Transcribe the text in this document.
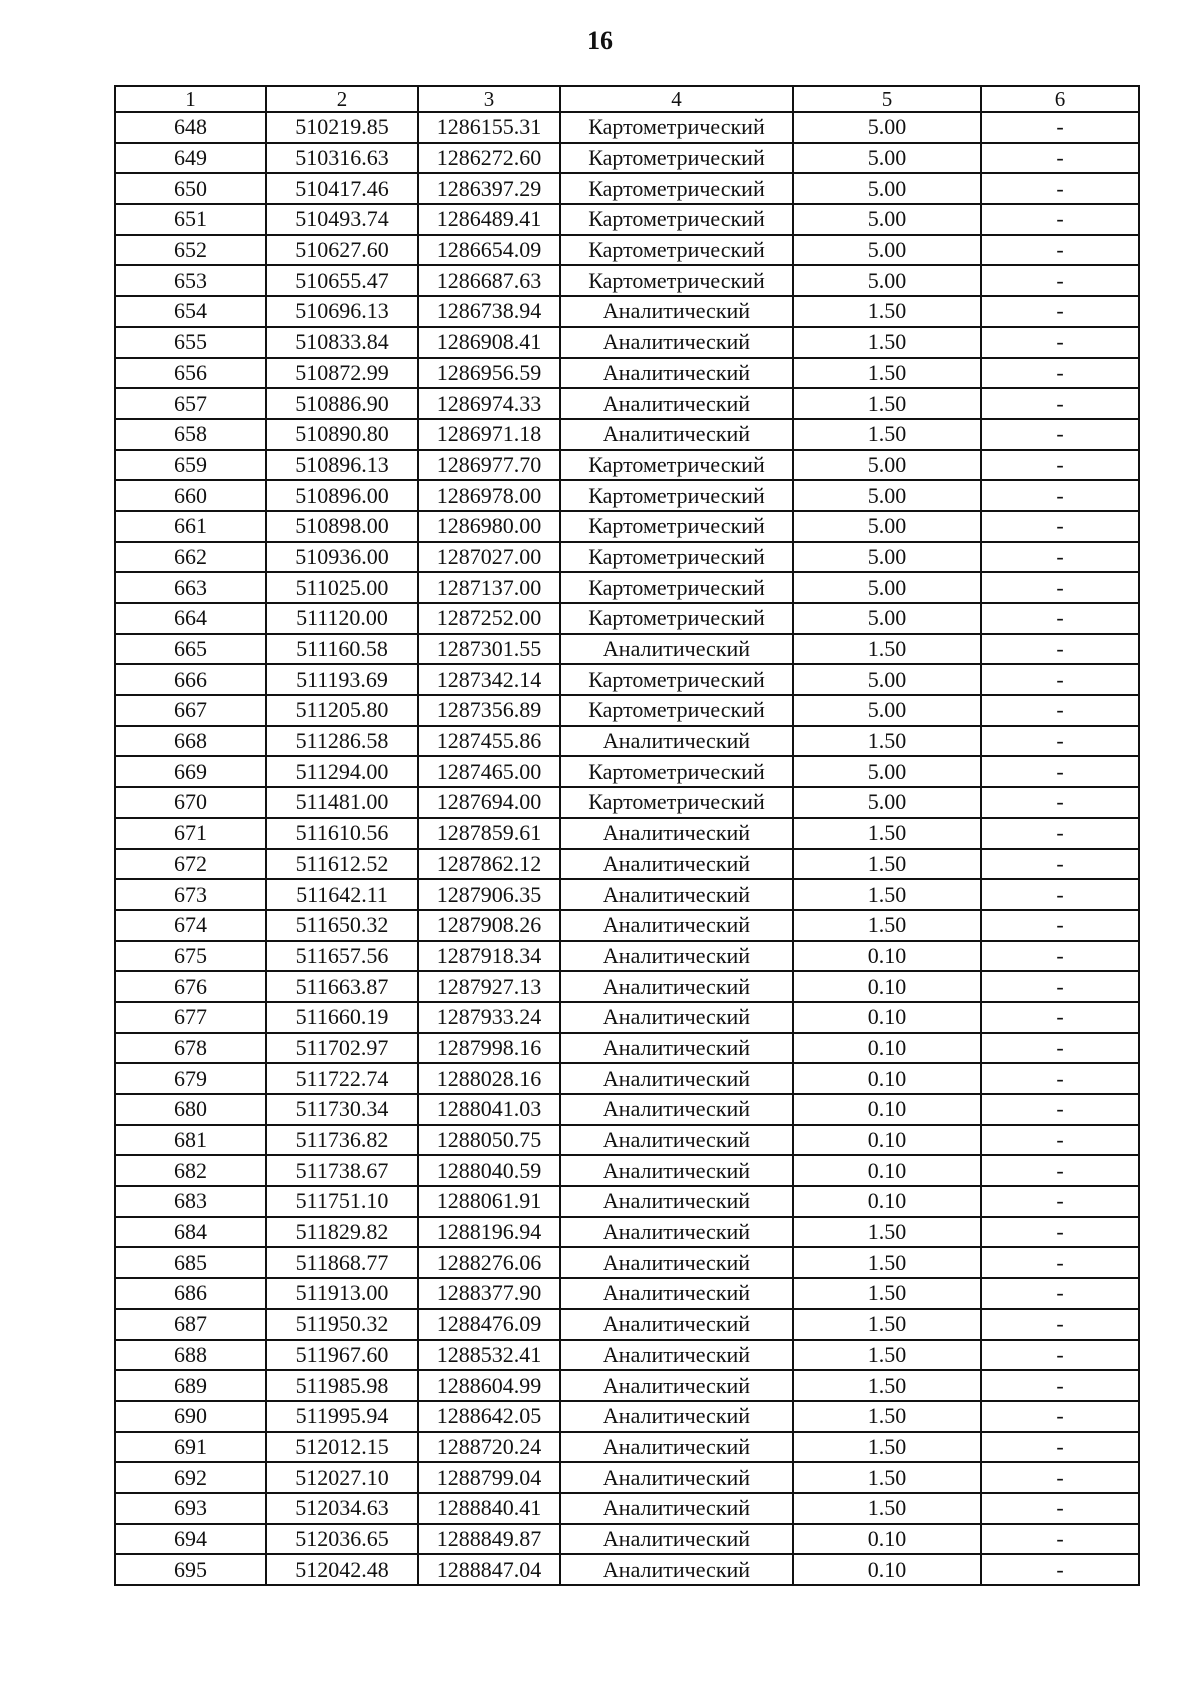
16
1	2	3	4	5	6
648	510219.85	1286155.31	Картометрический	5.00	-
649	510316.63	1286272.60	Картометрический	5.00	-
650	510417.46	1286397.29	Картометрический	5.00	-
651	510493.74	1286489.41	Картометрический	5.00	-
652	510627.60	1286654.09	Картометрический	5.00	-
653	510655.47	1286687.63	Картометрический	5.00	-
654	510696.13	1286738.94	Аналитический	1.50	-
655	510833.84	1286908.41	Аналитический	1.50	-
656	510872.99	1286956.59	Аналитический	1.50	-
657	510886.90	1286974.33	Аналитический	1.50	-
658	510890.80	1286971.18	Аналитический	1.50	-
659	510896.13	1286977.70	Картометрический	5.00	-
660	510896.00	1286978.00	Картометрический	5.00	-
661	510898.00	1286980.00	Картометрический	5.00	-
662	510936.00	1287027.00	Картометрический	5.00	-
663	511025.00	1287137.00	Картометрический	5.00	-
664	511120.00	1287252.00	Картометрический	5.00	-
665	511160.58	1287301.55	Аналитический	1.50	-
666	511193.69	1287342.14	Картометрический	5.00	-
667	511205.80	1287356.89	Картометрический	5.00	-
668	511286.58	1287455.86	Аналитический	1.50	-
669	511294.00	1287465.00	Картометрический	5.00	-
670	511481.00	1287694.00	Картометрический	5.00	-
671	511610.56	1287859.61	Аналитический	1.50	-
672	511612.52	1287862.12	Аналитический	1.50	-
673	511642.11	1287906.35	Аналитический	1.50	-
674	511650.32	1287908.26	Аналитический	1.50	-
675	511657.56	1287918.34	Аналитический	0.10	-
676	511663.87	1287927.13	Аналитический	0.10	-
677	511660.19	1287933.24	Аналитический	0.10	-
678	511702.97	1287998.16	Аналитический	0.10	-
679	511722.74	1288028.16	Аналитический	0.10	-
680	511730.34	1288041.03	Аналитический	0.10	-
681	511736.82	1288050.75	Аналитический	0.10	-
682	511738.67	1288040.59	Аналитический	0.10	-
683	511751.10	1288061.91	Аналитический	0.10	-
684	511829.82	1288196.94	Аналитический	1.50	-
685	511868.77	1288276.06	Аналитический	1.50	-
686	511913.00	1288377.90	Аналитический	1.50	-
687	511950.32	1288476.09	Аналитический	1.50	-
688	511967.60	1288532.41	Аналитический	1.50	-
689	511985.98	1288604.99	Аналитический	1.50	-
690	511995.94	1288642.05	Аналитический	1.50	-
691	512012.15	1288720.24	Аналитический	1.50	-
692	512027.10	1288799.04	Аналитический	1.50	-
693	512034.63	1288840.41	Аналитический	1.50	-
694	512036.65	1288849.87	Аналитический	0.10	-
695	512042.48	1288847.04	Аналитический	0.10	-
